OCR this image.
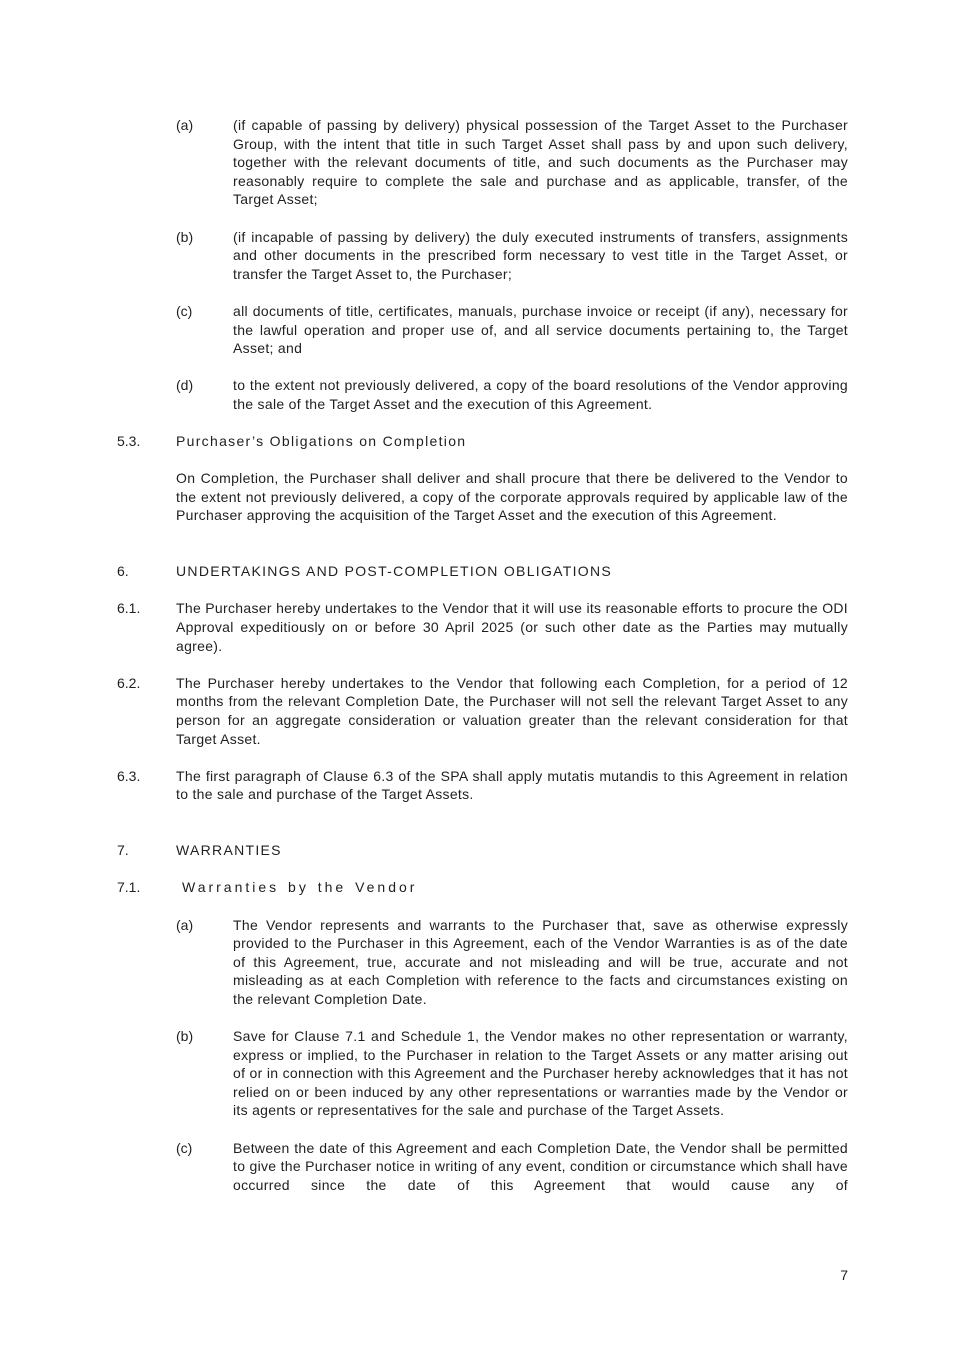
(a)	(if capable of passing by delivery) physical possession of the Target Asset to the Purchaser Group, with the intent that title in such Target Asset shall pass by and upon such delivery, together with the relevant documents of title, and such documents as the Purchaser may reasonably require to complete the sale and purchase and as applicable, transfer, of the Target Asset;
(b)	(if incapable of passing by delivery) the duly executed instruments of transfers, assignments and other documents in the prescribed form necessary to vest title in the Target Asset, or transfer the Target Asset to, the Purchaser;
(c)	all documents of title, certificates, manuals, purchase invoice or receipt (if any), necessary for the lawful operation and proper use of, and all service documents pertaining to, the Target Asset; and
(d)	to the extent not previously delivered, a copy of the board resolutions of the Vendor approving the sale of the Target Asset and the execution of this Agreement.
5.3.	Purchaser’s Obligations on Completion
On Completion, the Purchaser shall deliver and shall procure that there be delivered to the Vendor to the extent not previously delivered, a copy of the corporate approvals required by applicable law of the Purchaser approving the acquisition of the Target Asset and the execution of this Agreement.
6.	UNDERTAKINGS AND POST-COMPLETION OBLIGATIONS
6.1.	The Purchaser hereby undertakes to the Vendor that it will use its reasonable efforts to procure the ODI Approval expeditiously on or before 30 April 2025 (or such other date as the Parties may mutually agree).
6.2.	The Purchaser hereby undertakes to the Vendor that following each Completion, for a period of 12 months from the relevant Completion Date, the Purchaser will not sell the relevant Target Asset to any person for an aggregate consideration or valuation greater than the relevant consideration for that Target Asset.
6.3.	The first paragraph of Clause 6.3 of the SPA shall apply mutatis mutandis to this Agreement in relation to the sale and purchase of the Target Assets.
7.	WARRANTIES
7.1.	Warranties by the Vendor
(a)	The Vendor represents and warrants to the Purchaser that, save as otherwise expressly provided to the Purchaser in this Agreement, each of the Vendor Warranties is as of the date of this Agreement, true, accurate and not misleading and will be true, accurate and not misleading as at each Completion with reference to the facts and circumstances existing on the relevant Completion Date.
(b)	Save for Clause 7.1 and Schedule 1, the Vendor makes no other representation or warranty, express or implied, to the Purchaser in relation to the Target Assets or any matter arising out of or in connection with this Agreement and the Purchaser hereby acknowledges that it has not relied on or been induced by any other representations or warranties made by the Vendor or its agents or representatives for the sale and purchase of the Target Assets.
(c)	Between the date of this Agreement and each Completion Date, the Vendor shall be permitted to give the Purchaser notice in writing of any event, condition or circumstance which shall have occurred since the date of this Agreement that would cause any of
7
